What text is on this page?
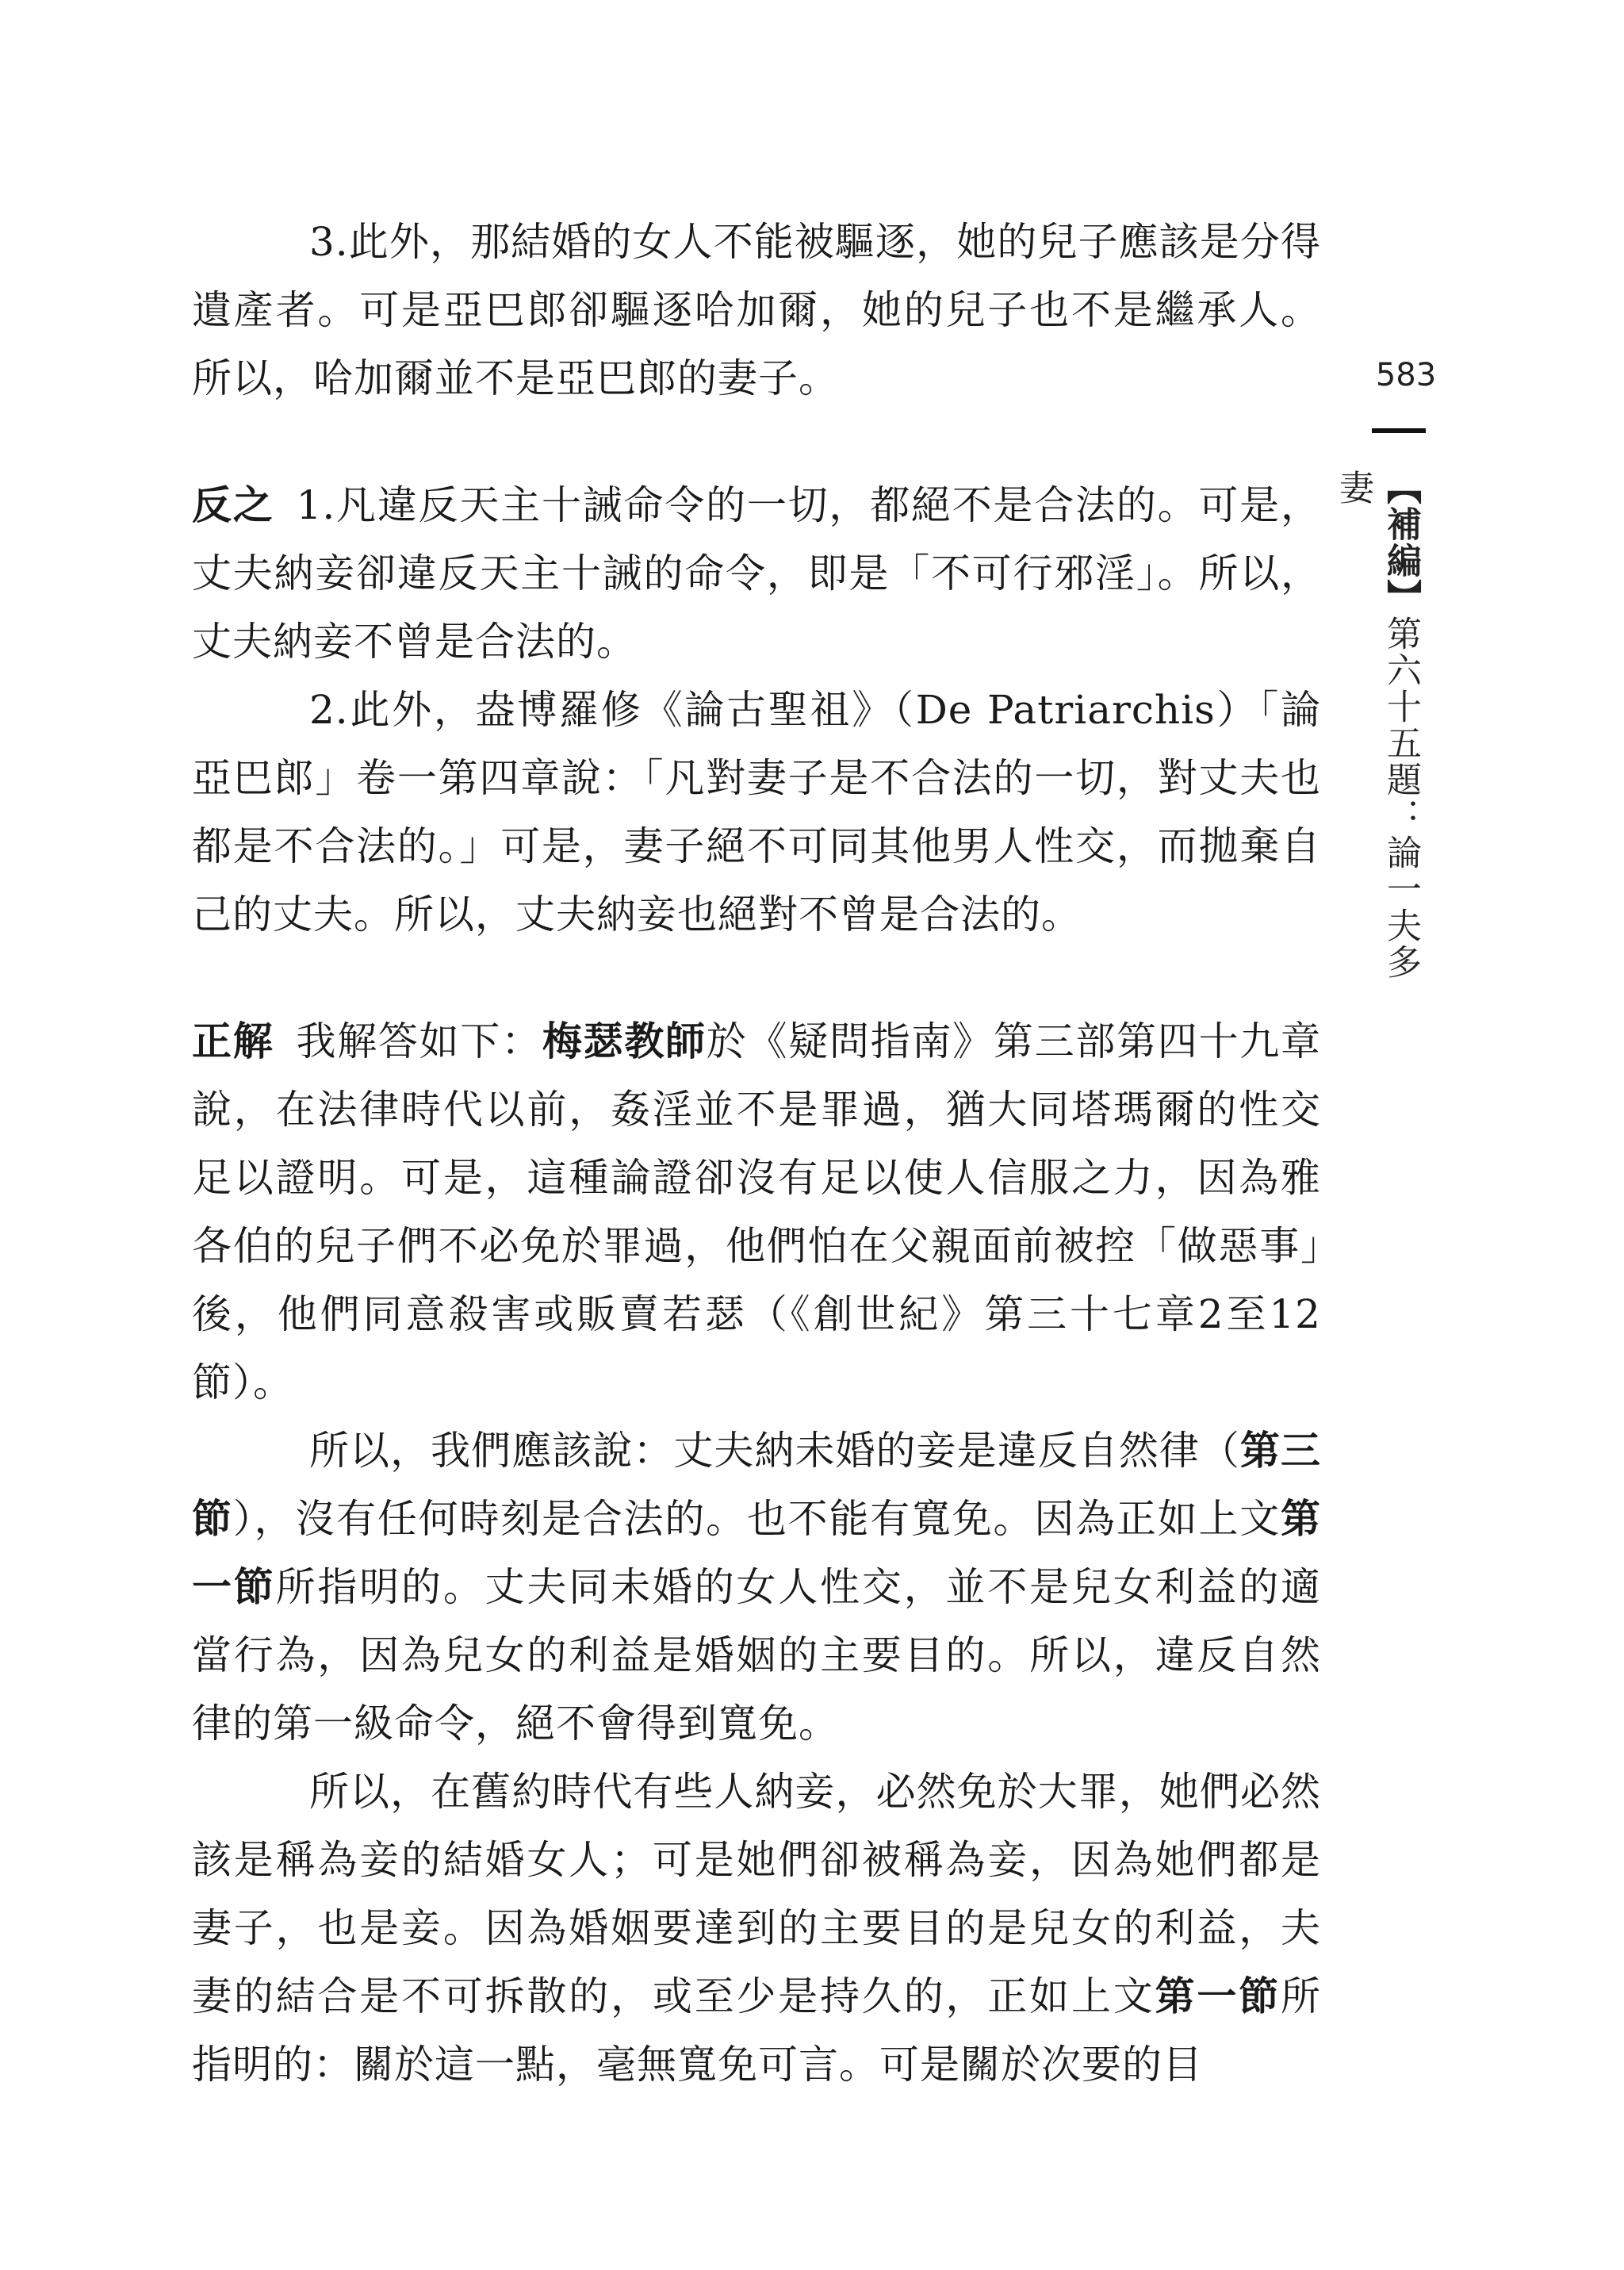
3.此外，那結婚的女人不能被驅逐，她的兒子應該是分得遺產者。可是亞巴郎卻驅逐哈加爾，她的兒子也不是繼承人。所以，哈加爾並不是亞巴郎的妻子。

反之 1.凡違反天主十誡命令的一切，都絕不是合法的。可是，丈夫納妾卻違反天主十誡的命令，即是「不可行邪淫」。所以，丈夫納妾不曾是合法的。

2.此外，盎博羅修《論古聖祖》（De Patriarchis）「論亞巴郎」卷一第四章說：「凡對妻子是不合法的一切，對丈夫也都是不合法的。」可是，妻子絕不可同其他男人性交，而拋棄自己的丈夫。所以，丈夫納妾也絕對不曾是合法的。

正解 我解答如下：梅瑟教師於《疑問指南》第三部第四十九章說，在法律時代以前，姦淫並不是罪過，猶大同塔瑪爾的性交足以證明。可是，這種論證卻沒有足以使人信服之力，因為雅各伯的兒子們不必免於罪過，他們怕在父親面前被控「做惡事」後，他們同意殺害或販賣若瑟（《創世紀》第三十七章2至12節）。

所以，我們應該說：丈夫納未婚的妾是違反自然律（第三節），沒有任何時刻是合法的。也不能有寬免。因為正如上文第一節所指明的。丈夫同未婚的女人性交，並不是兒女利益的適當行為，因為兒女的利益是婚姻的主要目的。所以，違反自然律的第一級命令，絕不會得到寬免。

所以，在舊約時代有些人納妾，必然免於大罪，她們必然該是稱為妾的結婚女人；可是她們卻被稱為妾，因為她們都是妻子，也是妾。因為婚姻要達到的主要目的是兒女的利益，夫妻的結合是不可拆散的，或至少是持久的，正如上文第一節所指明的：關於這一點，毫無寬免可言。可是關於次要的目

583
【補編】第六十五題：論一夫多妻
